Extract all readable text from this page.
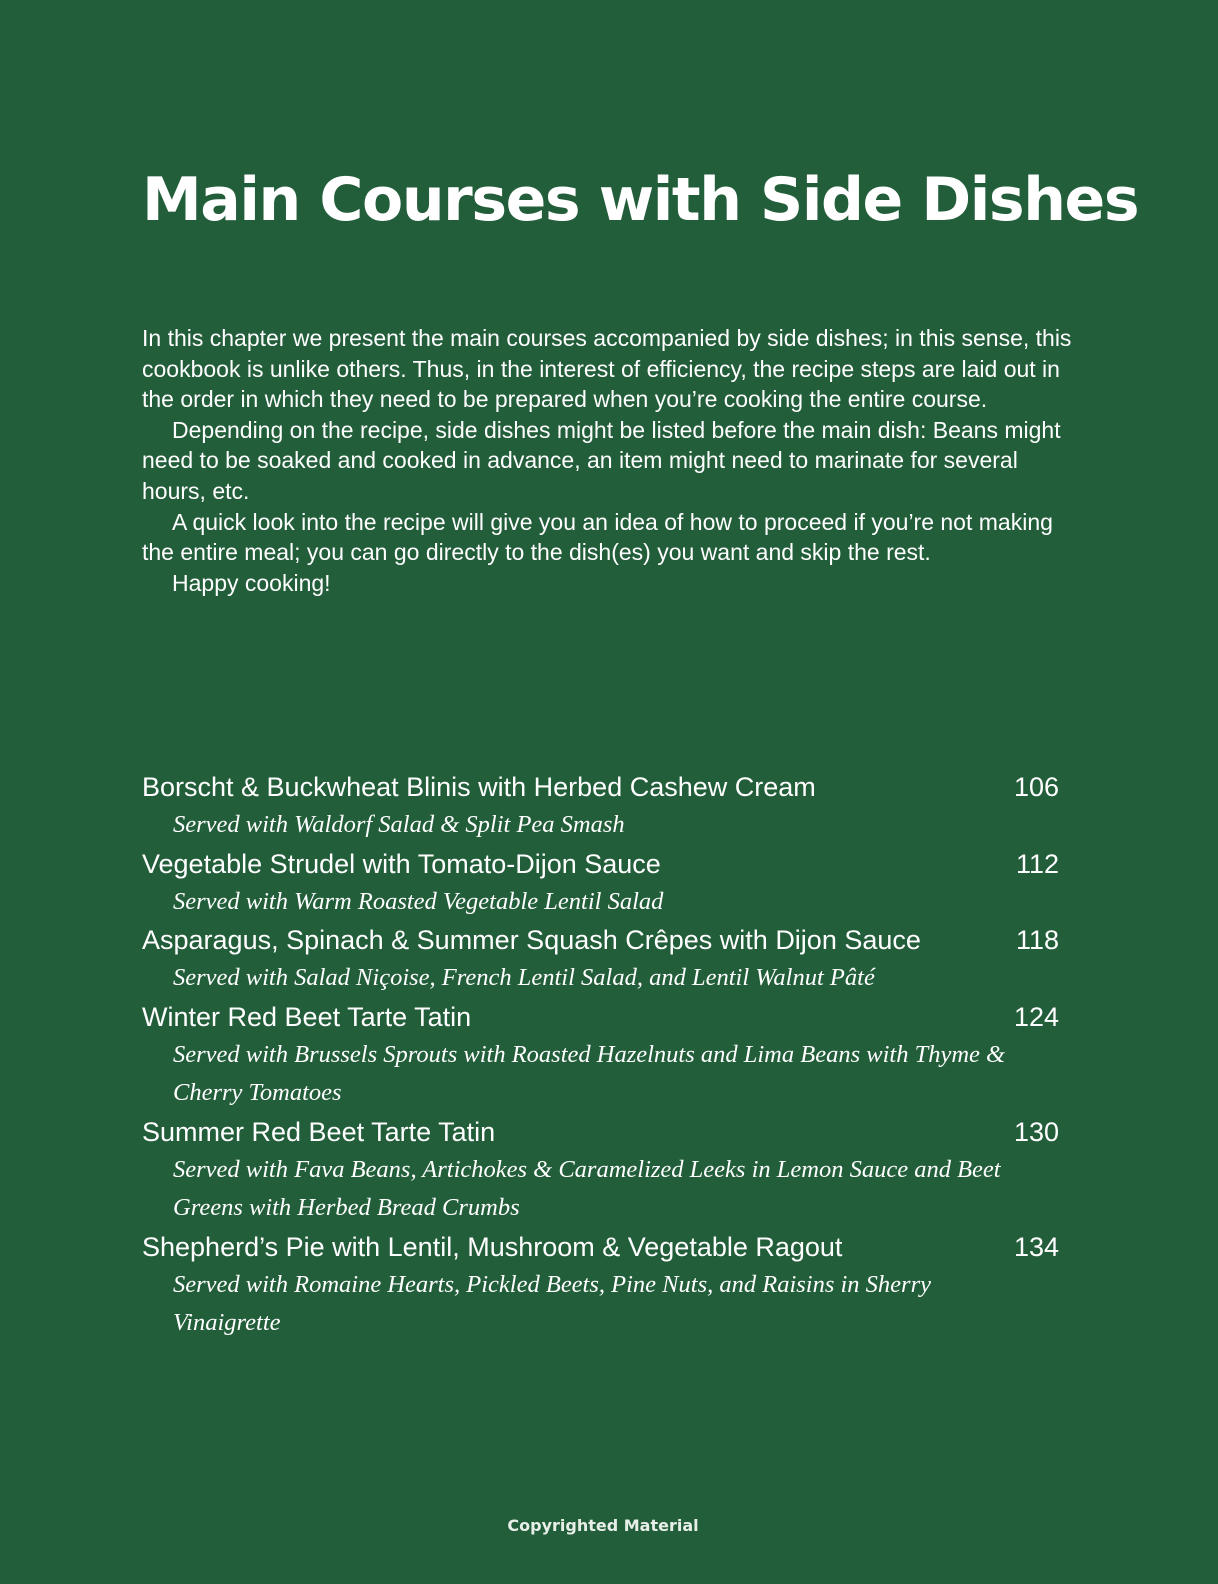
Main Courses with Side Dishes

In this chapter we present the main courses accompanied by side dishes; in this sense, this cookbook is unlike others. Thus, in the interest of efficiency, the recipe steps are laid out in the order in which they need to be prepared when you’re cooking the entire course.

Depending on the recipe, side dishes might be listed before the main dish: Beans might need to be soaked and cooked in advance, an item might need to marinate for several hours, etc.

A quick look into the recipe will give you an idea of how to proceed if you’re not making the entire meal; you can go directly to the dish(es) you want and skip the rest.

Happy cooking!

Borscht & Buckwheat Blinis with Herbed Cashew Cream	106
Served with Waldorf Salad & Split Pea Smash
Vegetable Strudel with Tomato-Dijon Sauce	112
Served with Warm Roasted Vegetable Lentil Salad
Asparagus, Spinach & Summer Squash Crêpes with Dijon Sauce	118
Served with Salad Niçoise, French Lentil Salad, and Lentil Walnut Pâté
Winter Red Beet Tarte Tatin	124
Served with Brussels Sprouts with Roasted Hazelnuts and Lima Beans with Thyme & Cherry Tomatoes
Summer Red Beet Tarte Tatin	130
Served with Fava Beans, Artichokes & Caramelized Leeks in Lemon Sauce and Beet Greens with Herbed Bread Crumbs
Shepherd’s Pie with Lentil, Mushroom & Vegetable Ragout	134
Served with Romaine Hearts, Pickled Beets, Pine Nuts, and Raisins in Sherry Vinaigrette
Copyrighted Material
